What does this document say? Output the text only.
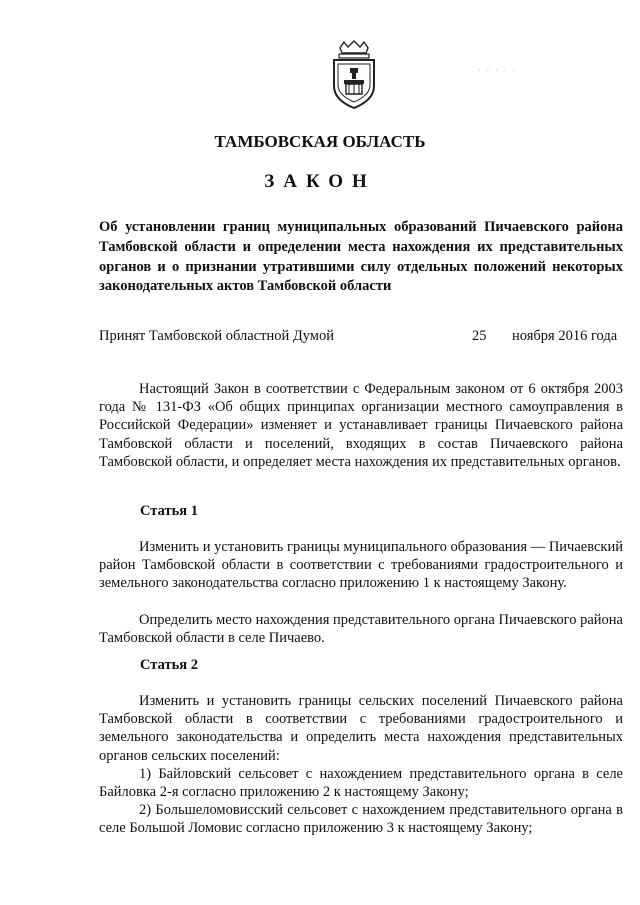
· · · · ·
ТАМБОВСКАЯ ОБЛАСТЬ
ЗАКОН
Об установлении границ муниципальных образований Пичаевского района Тамбовской области и определении места нахождения их представительных органов и о признании утратившими силу отдельных положений некоторых законодательных актов Тамбовской области
Принят Тамбовской областной Думой	25 ноября 2016 года
Настоящий Закон в соответствии с Федеральным законом от 6 октября 2003 года № 131-ФЗ «Об общих принципах организации местного самоуправления в Российской Федерации» изменяет и устанавливает границы Пичаевского района Тамбовской области и поселений, входящих в состав Пичаевского района Тамбовской области, и определяет места нахождения их представительных органов.
Статья 1
Изменить и установить границы муниципального образования — Пичаевский район Тамбовской области в соответствии с требованиями градостроительного и земельного законодательства согласно приложению 1 к настоящему Закону.
Определить место нахождения представительного органа Пичаевского района Тамбовской области в селе Пичаево.
Статья 2
Изменить и установить границы сельских поселений Пичаевского района Тамбовской области в соответствии с требованиями градостроительного и земельного законодательства и определить места нахождения представительных органов сельских поселений:
1) Байловский сельсовет с нахождением представительного органа в селе Байловка 2-я согласно приложению 2 к настоящему Закону;
2) Большеломовисский сельсовет с нахождением представительного органа в селе Большой Ломовис согласно приложению 3 к настоящему Закону;
